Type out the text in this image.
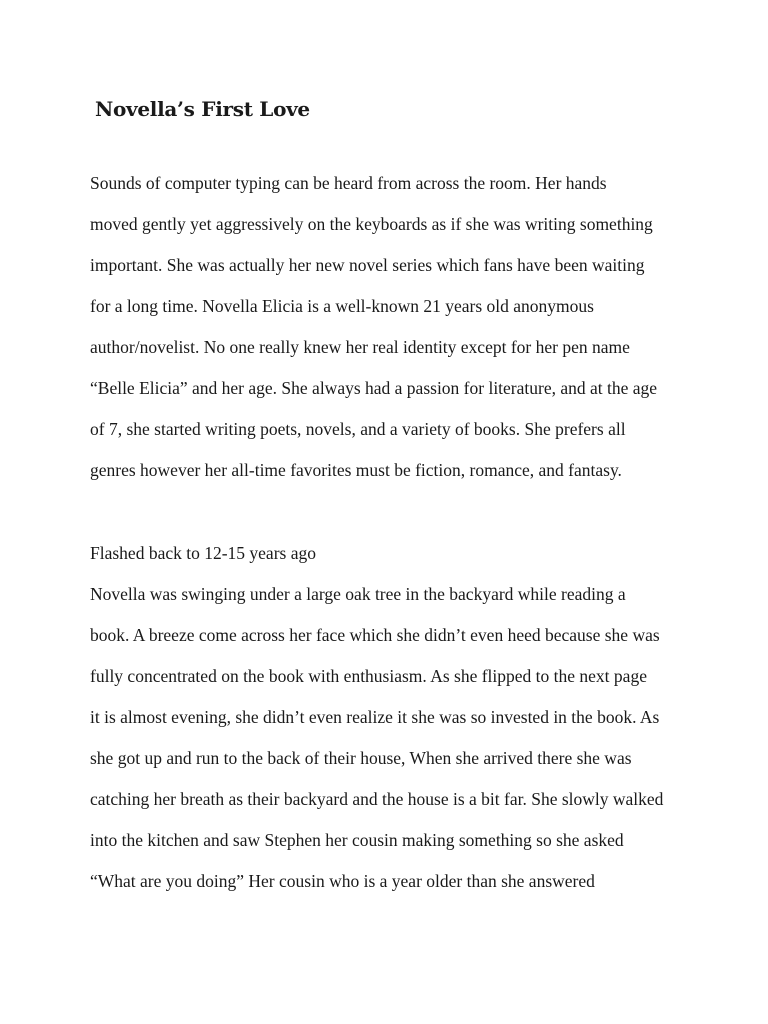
Novella’s First Love

Sounds of computer typing can be heard from across the room. Her hands

moved gently yet aggressively on the keyboards as if she was writing something

important. She was actually her new novel series which fans have been waiting

for a long time. Novella Elicia is a well-known 21 years old anonymous

author/novelist. No one really knew her real identity except for her pen name

“Belle Elicia” and her age. She always had a passion for literature, and at the age

of 7, she started writing poets, novels, and a variety of books. She prefers all

genres however her all-time favorites must be fiction, romance, and fantasy.

Flashed back to 12-15 years ago

Novella was swinging under a large oak tree in the backyard while reading a

book. A breeze come across her face which she didn’t even heed because she was

fully concentrated on the book with enthusiasm. As she flipped to the next page

it is almost evening, she didn’t even realize it she was so invested in the book. As

she got up and run to the back of their house, When she arrived there she was

catching her breath as their backyard and the house is a bit far. She slowly walked

into the kitchen and saw Stephen her cousin making something so she asked

“What are you doing” Her cousin who is a year older than she answered
